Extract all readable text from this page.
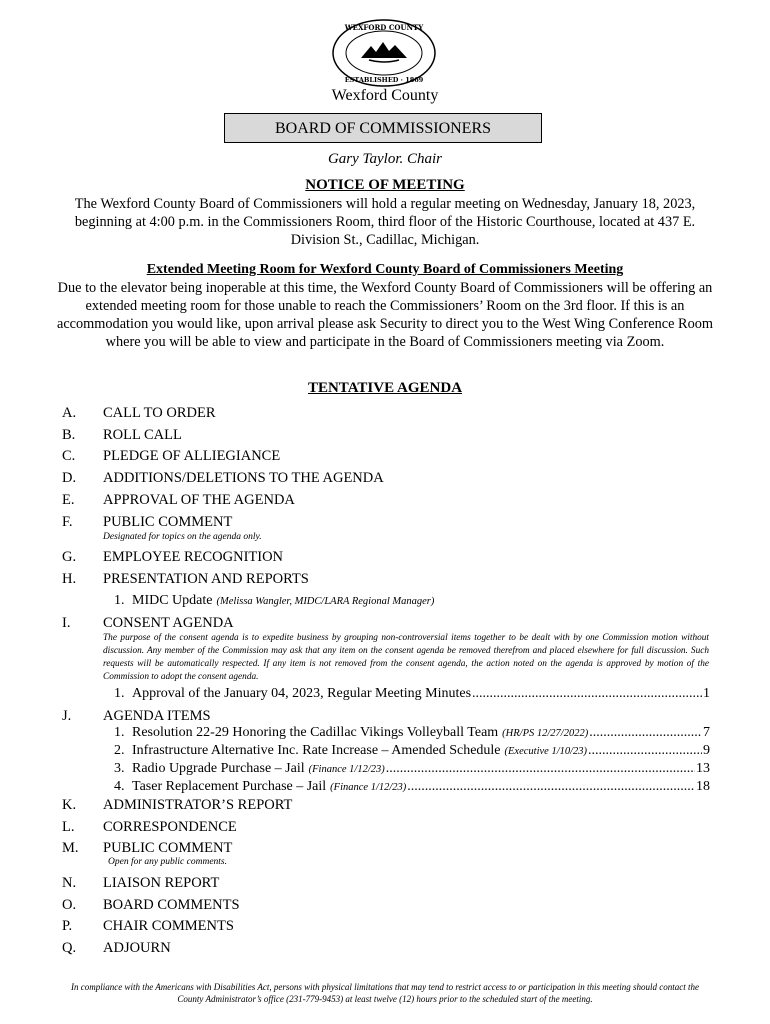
WEXFORD COUNTY
ESTABLISHED · 1869
Wexford County
BOARD OF COMMISSIONERS
Gary Taylor. Chair
NOTICE OF MEETING
The Wexford County Board of Commissioners will hold a regular meeting on Wednesday, January 18, 2023, beginning at 4:00 p.m. in the Commissioners Room, third floor of the Historic Courthouse, located at 437 E. Division St., Cadillac, Michigan.
Extended Meeting Room for Wexford County Board of Commissioners Meeting
Due to the elevator being inoperable at this time, the Wexford County Board of Commissioners will be offering an extended meeting room for those unable to reach the Commissioners’ Room on the 3rd floor. If this is an accommodation you would like, upon arrival please ask Security to direct you to the West Wing Conference Room where you will be able to view and participate in the Board of Commissioners meeting via Zoom.
TENTATIVE AGENDA
A. CALL TO ORDER
B. ROLL CALL
C. PLEDGE OF ALLIEGIANCE
D. ADDITIONS/DELETIONS TO THE AGENDA
E. APPROVAL OF THE AGENDA
F. PUBLIC COMMENT
Designated for topics on the agenda only.
G. EMPLOYEE RECOGNITION
H. PRESENTATION AND REPORTS
1. MIDC Update (Melissa Wangler, MIDC/LARA Regional Manager)
I. CONSENT AGENDA
The purpose of the consent agenda is to expedite business by grouping non-controversial items together to be dealt with by one Commission motion without discussion. Any member of the Commission may ask that any item on the consent agenda be removed therefrom and placed elsewhere for full discussion. Such requests will be automatically respected. If any item is not removed from the consent agenda, the action noted on the agenda is approved by motion of the Commission to adopt the consent agenda.
1. Approval of the January 04, 2023, Regular Meeting Minutes .....	1
J. AGENDA ITEMS
1. Resolution 22-29 Honoring the Cadillac Vikings Volleyball Team (HR/PS 12/27/2022) .....	7
2. Infrastructure Alternative Inc. Rate Increase – Amended Schedule (Executive 1/10/23) .....	9
3. Radio Upgrade Purchase – Jail (Finance 1/12/23) .....	13
4. Taser Replacement Purchase – Jail (Finance 1/12/23) .....	18
K. ADMINISTRATOR’S REPORT
L. CORRESPONDENCE
M. PUBLIC COMMENT
Open for any public comments.
N. LIAISON REPORT
O. BOARD COMMENTS
P. CHAIR COMMENTS
Q. ADJOURN
In compliance with the Americans with Disabilities Act, persons with physical limitations that may tend to restrict access to or participation in this meeting should contact the County Administrator’s office (231-779-9453) at least twelve (12) hours prior to the scheduled start of the meeting.
